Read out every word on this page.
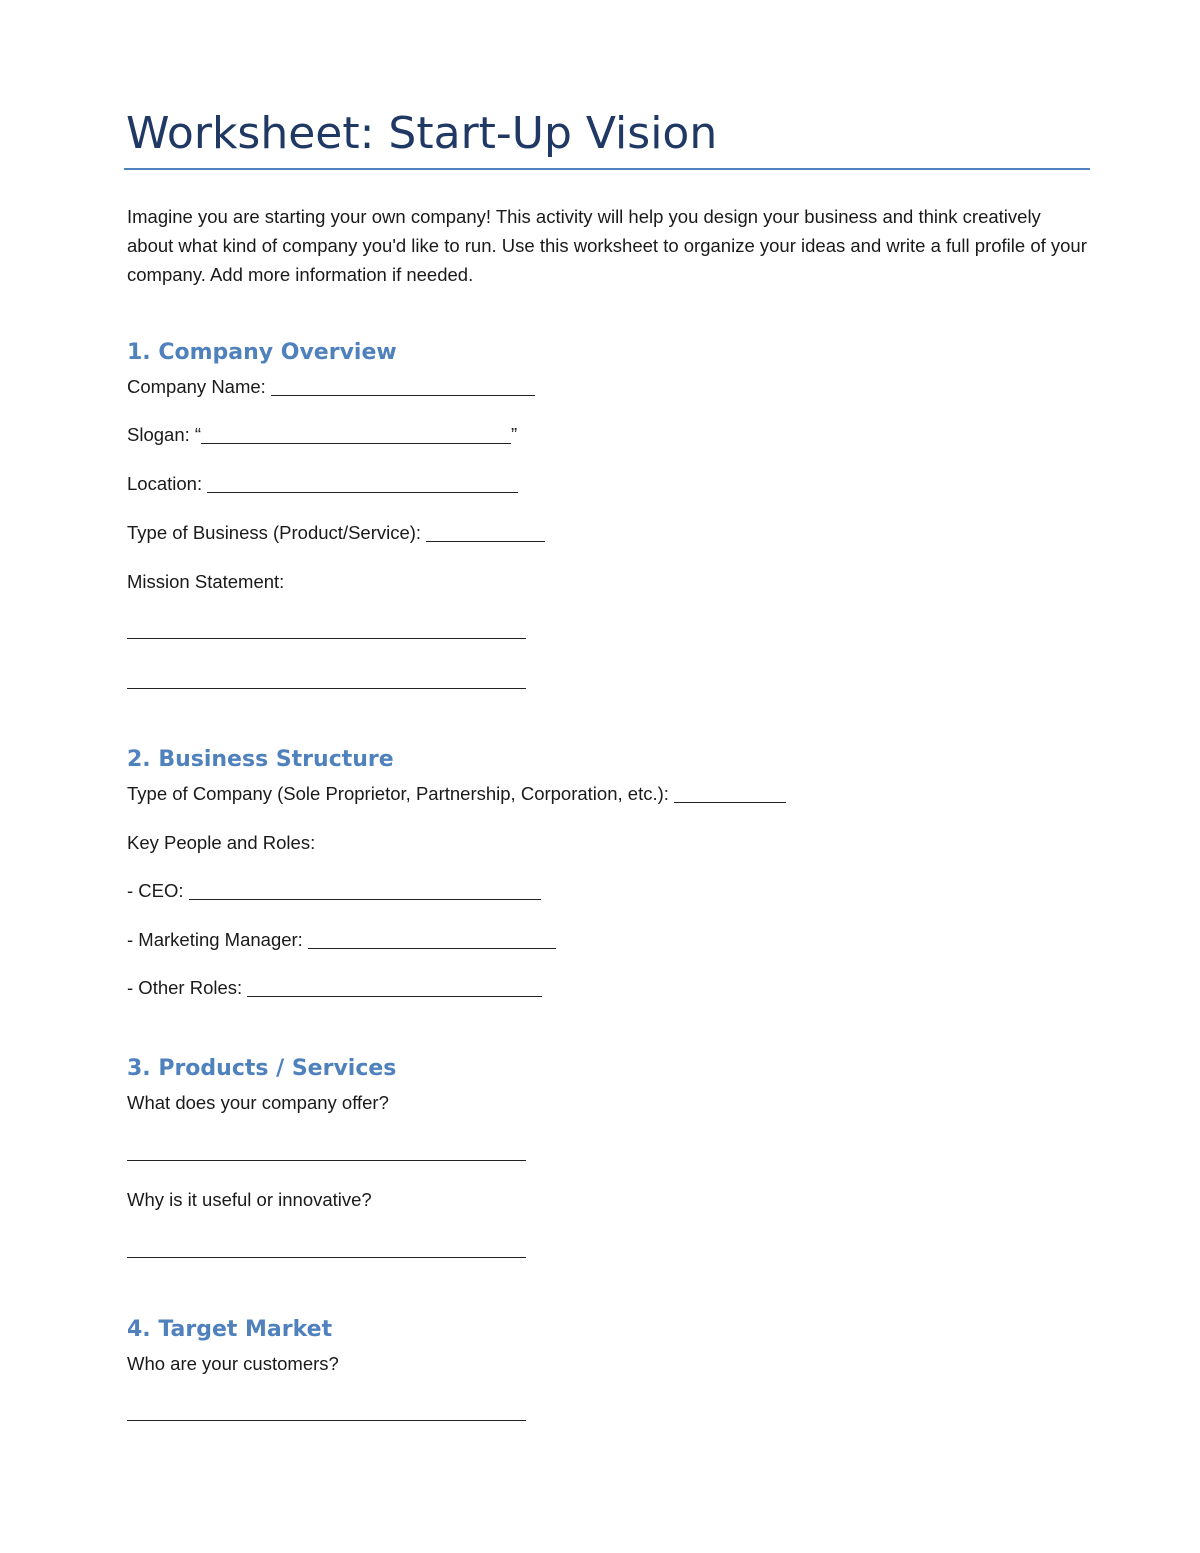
Worksheet: Start-Up Vision

Imagine you are starting your own company! This activity will help you design your business and think creatively about what kind of company you'd like to run. Use this worksheet to organize your ideas and write a full profile of your company. Add more information if needed.

1. Company Overview
Company Name:
Slogan: “	”
Location:
Type of Business (Product/Service):
Mission Statement:
2. Business Structure
Type of Company (Sole Proprietor, Partnership, Corporation, etc.):
Key People and Roles:
- CEO:
- Marketing Manager:
- Other Roles:
3. Products / Services
What does your company offer?
Why is it useful or innovative?
4. Target Market
Who are your customers?
